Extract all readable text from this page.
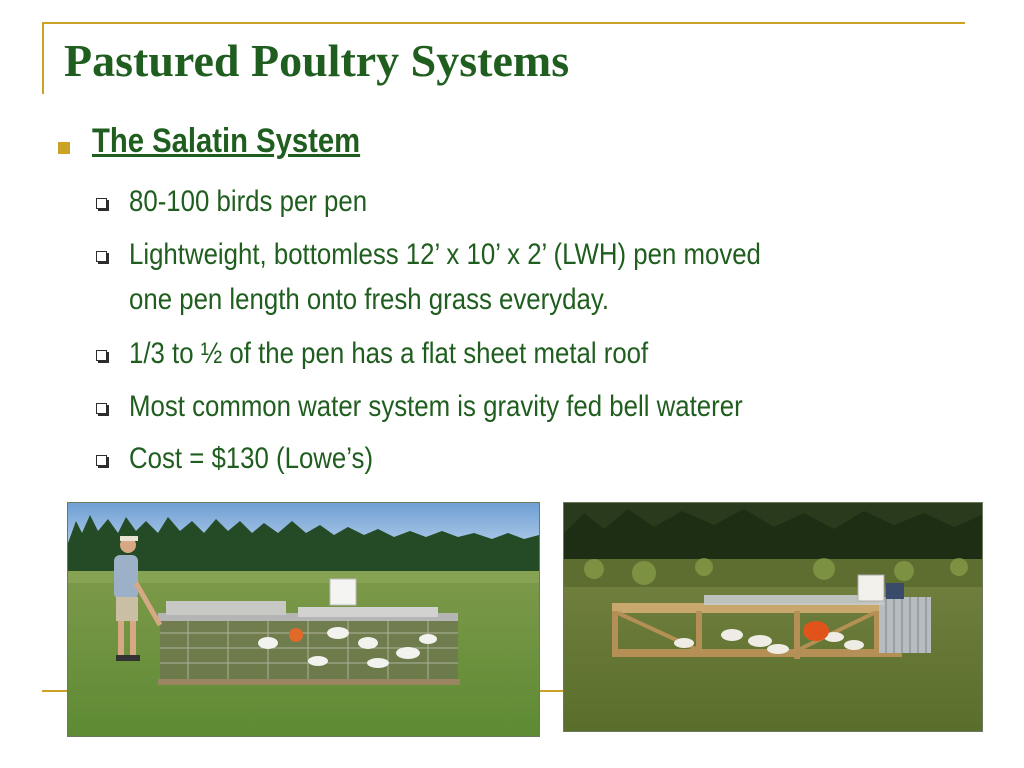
Pastured Poultry Systems
The Salatin System
80-100 birds per pen
Lightweight, bottomless 12’ x 10’ x 2’ (LWH) pen moved
one pen length onto fresh grass everyday.
1/3 to ½ of the pen has a flat sheet metal roof
Most common water system is gravity fed bell waterer
Cost = $130 (Lowe’s)
